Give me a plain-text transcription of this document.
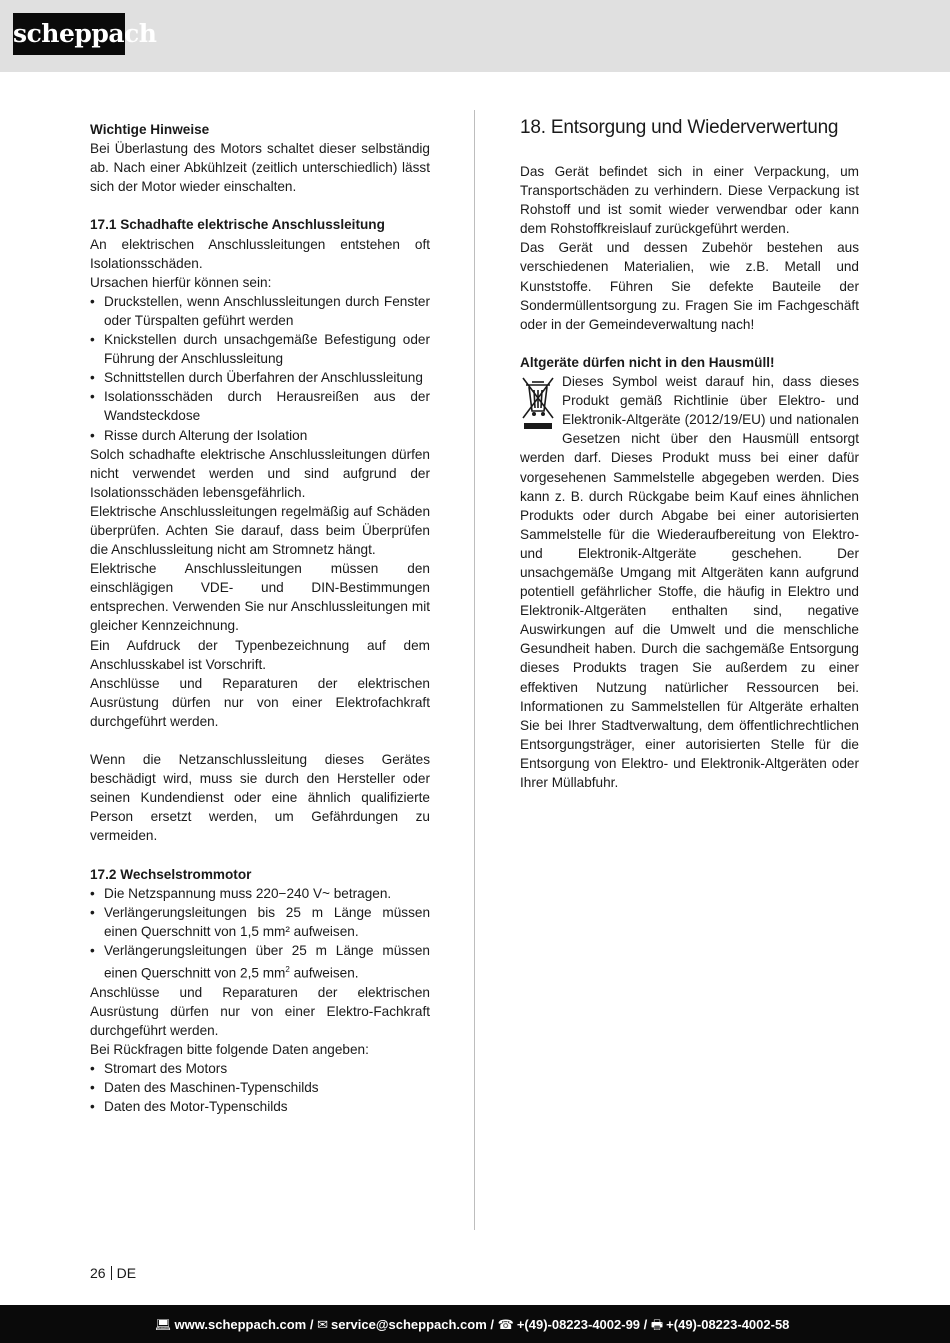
scheppach

Wichtige Hinweise

Bei Überlastung des Motors schaltet dieser selbständig ab. Nach einer Abkühlzeit (zeitlich unterschiedlich) lässt sich der Motor wieder einschalten.

17.1 Schadhafte elektrische Anschlussleitung

An elektrischen Anschlussleitungen entstehen oft Isolationsschäden.

Ursachen hierfür können sein:

• Druckstellen, wenn Anschlussleitungen durch Fenster oder Türspalten geführt werden
• Knickstellen durch unsachgemäße Befestigung oder Führung der Anschlussleitung
• Schnittstellen durch Überfahren der Anschlussleitung
• Isolationsschäden durch Herausreißen aus der Wandsteckdose
• Risse durch Alterung der Isolation

Solch schadhafte elektrische Anschlussleitungen dürfen nicht verwendet werden und sind aufgrund der Isolationsschäden lebensgefährlich.

Elektrische Anschlussleitungen regelmäßig auf Schäden überprüfen. Achten Sie darauf, dass beim Überprüfen die Anschlussleitung nicht am Stromnetz hängt.

Elektrische Anschlussleitungen müssen den einschlägigen VDE- und DIN-Bestimmungen entsprechen. Verwenden Sie nur Anschlussleitungen mit gleicher Kennzeichnung.

Ein Aufdruck der Typenbezeichnung auf dem Anschlusskabel ist Vorschrift.

Anschlüsse und Reparaturen der elektrischen Ausrüstung dürfen nur von einer Elektrofachkraft durchgeführt werden.

Wenn die Netzanschlussleitung dieses Gerätes beschädigt wird, muss sie durch den Hersteller oder seinen Kundendienst oder eine ähnlich qualifizierte Person ersetzt werden, um Gefährdungen zu vermeiden.

17.2 Wechselstrommotor

• Die Netzspannung muss 220−240 V~ betragen.
• Verlängerungsleitungen bis 25 m Länge müssen einen Querschnitt von 1,5 mm² aufweisen.
• Verlängerungsleitungen über 25 m Länge müssen einen Querschnitt von 2,5 $mm^2$ aufweisen.

Anschlüsse und Reparaturen der elektrischen Ausrüstung dürfen nur von einer Elektro-Fachkraft durchgeführt werden.

Bei Rückfragen bitte folgende Daten angeben:

• Stromart des Motors
• Daten des Maschinen-Typenschilds
• Daten des Motor-Typenschilds
18. Entsorgung und Wiederverwertung

Das Gerät befindet sich in einer Verpackung, um Transportschäden zu verhindern. Diese Verpackung ist Rohstoff und ist somit wieder verwendbar oder kann dem Rohstoffkreislauf zurückgeführt werden.

Das Gerät und dessen Zubehör bestehen aus verschiedenen Materialien, wie z.B. Metall und Kunststoffe. Führen Sie defekte Bauteile der Sondermüllentsorgung zu. Fragen Sie im Fachgeschäft oder in der Gemeindeverwaltung nach!

Altgeräte dürfen nicht in den Hausmüll!

Dieses Symbol weist darauf hin, dass dieses Produkt gemäß Richtlinie über Elektro- und Elektronik-Altgeräte (2012/19/EU) und nationalen Gesetzen nicht über den Hausmüll entsorgt werden darf. Dieses Produkt muss bei einer dafür vorgesehenen Sammelstelle abgegeben werden. Dies kann z. B. durch Rückgabe beim Kauf eines ähnlichen Produkts oder durch Abgabe bei einer autorisierten Sammelstelle für die Wiederaufbereitung von Elektro- und Elektronik-Altgeräte geschehen. Der unsachgemäße Umgang mit Altgeräten kann aufgrund potentiell gefährlicher Stoffe, die häufig in Elektro und Elektronik-Altgeräten enthalten sind, negative Auswirkungen auf die Umwelt und die menschliche Gesundheit haben. Durch die sachgemäße Entsorgung dieses Produkts tragen Sie außerdem zu einer effektiven Nutzung natürlicher Ressourcen bei. Informationen zu Sammelstellen für Altgeräte erhalten Sie bei Ihrer Stadtverwaltung, dem öffentlichrechtlichen Entsorgungsträger, einer autorisierten Stelle für die Entsorgung von Elektro- und Elektronik-Altgeräten oder Ihrer Müllabfuhr.

26 DE
💻︎ www.scheppach.com / ✉︎ service@scheppach.com / ☎︎ +(49)-08223-4002-99 / 🖶︎ +(49)-08223-4002-58
